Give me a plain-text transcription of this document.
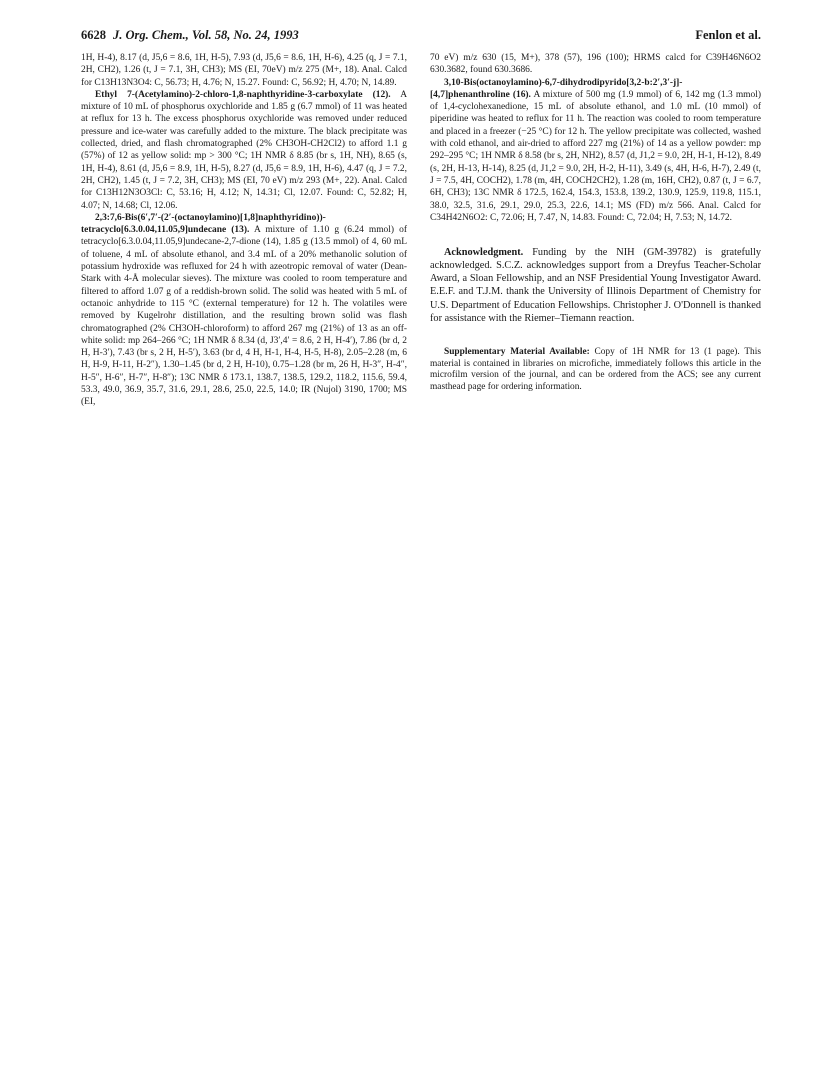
6628 J. Org. Chem., Vol. 58, No. 24, 1993	Fenlon et al.

1H, H-4), 8.17 (d, J5,6 = 8.6, 1H, H-5), 7.93 (d, J5,6 = 8.6, 1H, H-6), 4.25 (q, J = 7.1, 2H, CH2), 1.26 (t, J = 7.1, 3H, CH3); MS (EI, 70eV) m/z 275 (M+, 18). Anal. Calcd for C13H13N3O4: C, 56.73; H, 4.76; N, 15.27. Found: C, 56.92; H, 4.70; N, 14.89.

Ethyl 7-(Acetylamino)-2-chloro-1,8-naphthyridine-3-carboxylate (12). A mixture of 10 mL of phosphorus oxychloride and 1.85 g (6.7 mmol) of 11 was heated at reflux for 13 h. The excess phosphorus oxychloride was removed under reduced pressure and ice-water was carefully added to the mixture. The black precipitate was collected, dried, and flash chromatographed (2% CH3OH-CH2Cl2) to afford 1.1 g (57%) of 12 as yellow solid: mp > 300 °C; 1H NMR δ 8.85 (br s, 1H, NH), 8.65 (s, 1H, H-4), 8.61 (d, J5,6 = 8.9, 1H, H-5), 8.27 (d, J5,6 = 8.9, 1H, H-6), 4.47 (q, J = 7.2, 2H, CH2), 1.45 (t, J = 7.2, 3H, CH3); MS (EI, 70 eV) m/z 293 (M+, 22). Anal. Calcd for C13H12N3O3Cl: C, 53.16; H, 4.12; N, 14.31; Cl, 12.07. Found: C, 52.82; H, 4.07; N, 14.68; Cl, 12.06.

2,3:7,6-Bis(6′,7′-(2′-(octanoylamino)[1,8]naphthyridino))-tetracyclo[6.3.0.04,11.05,9]undecane (13). A mixture of 1.10 g (6.24 mmol) of tetracyclo[6.3.0.04,11.05,9]undecane-2,7-dione (14), 1.85 g (13.5 mmol) of 4, 60 mL of toluene, 4 mL of absolute ethanol, and 3.4 mL of a 20% methanolic solution of potassium hydroxide was refluxed for 24 h with azeotropic removal of water (Dean-Stark with 4-Å molecular sieves). The mixture was cooled to room temperature and filtered to afford 1.07 g of a reddish-brown solid. The solid was heated with 5 mL of octanoic anhydride to 115 °C (external temperature) for 12 h. The volatiles were removed by Kugelrohr distillation, and the resulting brown solid was flash chromatographed (2% CH3OH-chloroform) to afford 267 mg (21%) of 13 as an off-white solid: mp 264–266 °C; 1H NMR δ 8.34 (d, J3′,4′ = 8.6, 2 H, H-4′), 7.86 (br d, 2 H, H-3′), 7.43 (br s, 2 H, H-5′), 3.63 (br d, 4 H, H-1, H-4, H-5, H-8), 2.05–2.28 (m, 6 H, H-9, H-11, H-2″), 1.30–1.45 (br d, 2 H, H-10), 0.75–1.28 (br m, 26 H, H-3″, H-4″, H-5″, H-6″, H-7″, H-8″); 13C NMR δ 173.1, 138.7, 138.5, 129.2, 118.2, 115.6, 59.4, 53.3, 49.0, 36.9, 35.7, 31.6, 29.1, 28.6, 25.0, 22.5, 14.0; IR (Nujol) 3190, 1700; MS (EI,

70 eV) m/z 630 (15, M+), 378 (57), 196 (100); HRMS calcd for C39H46N6O2 630.3682, found 630.3686.

3,10-Bis(octanoylamino)-6,7-dihydrodipyrido[3,2-b:2′,3′-j]-[4,7]phenanthroline (16). A mixture of 500 mg (1.9 mmol) of 6, 142 mg (1.3 mmol) of 1,4-cyclohexanedione, 15 mL of absolute ethanol, and 1.0 mL (10 mmol) of piperidine was heated to reflux for 11 h. The reaction was cooled to room temperature and placed in a freezer (−25 °C) for 12 h. The yellow precipitate was collected, washed with cold ethanol, and air-dried to afford 227 mg (21%) of 14 as a yellow powder: mp 292–295 °C; 1H NMR δ 8.58 (br s, 2H, NH2), 8.57 (d, J1,2 = 9.0, 2H, H-1, H-12), 8.49 (s, 2H, H-13, H-14), 8.25 (d, J1,2 = 9.0, 2H, H-2, H-11), 3.49 (s, 4H, H-6, H-7), 2.49 (t, J = 7.5, 4H, COCH2), 1.78 (m, 4H, COCH2CH2), 1.28 (m, 16H, CH2), 0.87 (t, J = 6.7, 6H, CH3); 13C NMR δ 172.5, 162.4, 154.3, 153.8, 139.2, 130.9, 125.9, 119.8, 115.1, 38.0, 32.5, 31.6, 29.1, 29.0, 25.3, 22.6, 14.1; MS (FD) m/z 566. Anal. Calcd for C34H42N6O2: C, 72.06; H, 7.47, N, 14.83. Found: C, 72.04; H, 7.53; N, 14.72.

Acknowledgment. Funding by the NIH (GM-39782) is gratefully acknowledged. S.C.Z. acknowledges support from a Dreyfus Teacher-Scholar Award, a Sloan Fellowship, and an NSF Presidential Young Investigator Award. E.E.F. and T.J.M. thank the University of Illinois Department of Chemistry for U.S. Department of Education Fellowships. Christopher J. O'Donnell is thanked for assistance with the Riemer–Tiemann reaction.

Supplementary Material Available: Copy of 1H NMR for 13 (1 page). This material is contained in libraries on microfiche, immediately follows this article in the microfilm version of the journal, and can be ordered from the ACS; see any current masthead page for ordering information.
